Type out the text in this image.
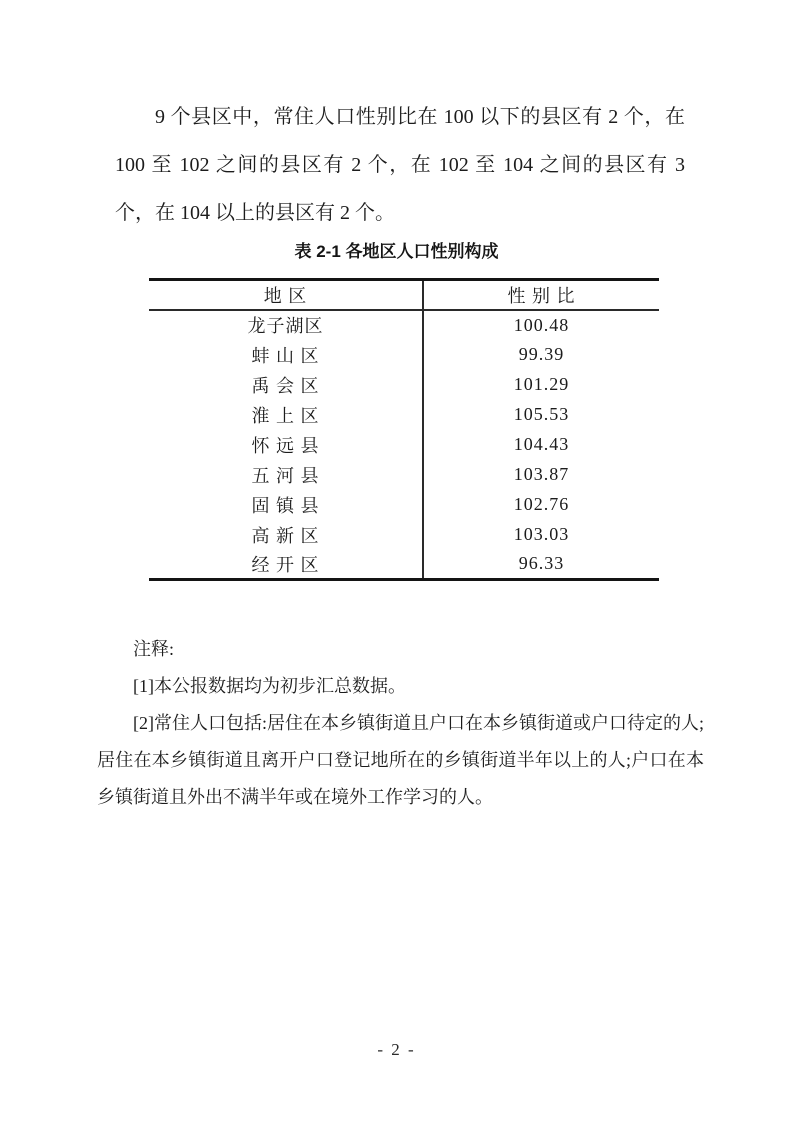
9 个县区中，常住人口性别比在 100 以下的县区有 2 个，在 100 至 102 之间的县区有 2 个，在 102 至 104 之间的县区有 3 个，在 104 以上的县区有 2 个。

表 2-1 各地区人口性别构成
地 区	性 别 比
龙子湖区	100.48
蚌 山 区	99.39
禹 会 区	101.29
淮 上 区	105.53
怀 远 县	104.43
五 河 县	103.87
固 镇 县	102.76
高 新 区	103.03
经 开 区	96.33

注释:

[1]本公报数据均为初步汇总数据。

[2]常住人口包括:居住在本乡镇街道且户口在本乡镇街道或户口待定的人;居住在本乡镇街道且离开户口登记地所在的乡镇街道半年以上的人;户口在本乡镇街道且外出不满半年或在境外工作学习的人。

- 2 -
